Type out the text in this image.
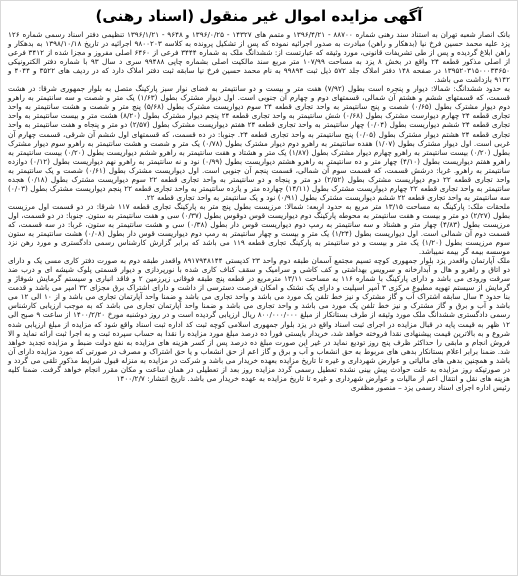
آگهی مزایده اموال غیر منقول (اسناد رهنی)

بانک انصار شعبه تهران به استناد سند رهنی شماره ۸۸۷۰۰ - ۱۳۹۶/۴/۲۱ و متمم های ۱۴۳۲۷ - ۱۳۹۶/۰/۲۵ و ۹۶۴۸ - ۱۳۹۶/۱/۲۱ تنظیمی دفتر اسناد رسمی شماره ۱۲۶ یزد علیه محمد حسین فرخ نیا (بدهکار و راهن) مبادرت به صدور اجرائیه نموده که پس از تشکیل پرونده به کلاسه ۹۸۰۰۲۰۳ اجرائیه در تاریخ ۱۳۹۸/۱۰/۱۸ به بدهکار و راهن ابلاغ گردیده و پس از طی تشریفات قانونی، مورد وثیقه که عبارتست از: ششدانگ ملک به شماره ۳۴۴۴ فرعی از ۶۴۶۰ اصلی مفروز و مجزا شده از ۳۴۱۲ فرعی از اصلی مذکور قطعه ۲۴ واقع در بخش ۸ یزد به مساحت ۱۰۷/۹۹ متر مربع سند مالکیت اصلی بشماره چاپی ۹۹۴۸۸ سری د سال ۹۳ با شماره دفتر الکترونیکی ۱۳۹۵۲۰۳۱۵۰۰۰۳۳۶۵۰ در صفحه ۱۴۸ دفتر املاک جلد ۵۷۲ ذیل ثبت ۹۹۸۹۴ به نام محمد حسین فرخ نیا سابقه ثبت دفتر املاک دارد که در ردیف های ۳۵۲۲ و ۴۰۴۴ و ۹۱۴۲ بازداشت می باشد.

به حدود ششدانگ: شمالا: دیوار و پنجره است بطول (۷/۹۲) هفت متر و بیست و دو سانتیمتر به فضای نوار سبز پارکینگ متصل به بلوار جمهوری شرقا: در هشت قسمت، که قسمتهای ششم و هشتم آن شمالی، قسمتهای دوم و چهارم آن جنوبی است. اول دیوار مشترک بطول (۱/۶۳) یک متر و شصت و سه سانتیمتر به راهرو دوم دیوار مشترک بطول (۰/۶۵) شصت و پنج سانتیمتر به واحد تجاری قطعه ۲۴ سوم دیواریست مشترک بطول (۵/۶۸) پنج متر و شصت و هشت سانتیمتر به واحد تجاری قطعه ۲۴ چهارم دیوارست مشترک بطول (۰/۶۸) شش سانتیمتر به واحد تجاری قطعه ۲۴ پنجم دیوار مشترک بطول (۸/۲۰) هشت متر و بیست سانتیمتر به واحد تجاری قطعه ۲۴ ششم دیواریست بطول (۰/۰۴) چهار سانتیمتر به واحد تجاری قطعه ۲۴ هفتم دیواریست مشترک بطول (۲/۵۷) دو متر و پنجاه و هفت سانتیمتر به واحد تجاری قطعه ۲۴ هشتم دیوار مشترک بطول (۰/۰۵) پنج سانتیمتر به واحد تجاری قطعه ۲۴. جنوبا: در ده قسمت، که قسمتهای اول ششم آن شرقی، قسمت چهارم آن غربی است. اول دیوار مشترک بطول (۱/۰۷) هفده سانتیمتر به راهرو دوم دیوار مشترک بطول (۰/۷۸) یک متر و شصت و هشت سانتیمتر به راهرو سوم دیوار مشترک بطول (۰/۲۰) بیست سانتیمتر به راهرو چهارم دیوار مشترک بطول (۱/۸۷) یک متر و هشتاد و هفت سانتیمتر به راهرو ششم دیواریست بطول (۰/۲۰) بیست سانتیمتر به راهرو هفتم دیواریست بطول (۴/۱۰) چهار متر و ده سانتیمتر به راهرو هشتم دیواریست بطول (۰/۹۹) نود و نه سانتیمتر به راهرو نهم دیواریست بطول (۰/۱۲) دوازده سانتیمتر به راهرو. غربا: درشش قسمت، که قسمت سوم آن شمالی، قسمت پنجم آن جنوبی است. اول دیواریست مشترک بطول (۰/۶۱) شصت و یک سانتیمتر به واحد تجاری قطعه ۲۲ دوم دیواریست مشترک بطول (۲/۵۲) دو متر و پنجاه و دو سانتیمتر به واحد تجاری قطعه ۲۲ سوم دیواریست مشترک بطول (۰/۱۸) هجده سانتیمتر به واحد تجاری قطعه ۲۲ چهارم دیواریست مشترک بطول (۱۴/۱۱) چهارده متر و یازده سانتیمتر به واحد تجاری قطعه ۲۲ پنجم دیواریست مشترک بطول (۰/۰۳) سه سانتیمتر به واحد تجاری قطعه ۲۲ ششم دیواریست مشترک بطول (۰/۹۱) نود و یک سانتیمتر به واحد تجاری قطعه ۲۲.

ملحقات ملک: پارکینگ به مساحت ۱۳/۱۵ متر مربع به حدود اربعه: شمالا: مرزیست بطول پنج متر به پارکینگ تجاری قطعه ۱۱۷ شرقا: در دو قسمت اول مرزیست بطول (۲/۲۷) دو متر و بیست و هفت سانتیمتر به محوطه پارکینگ دوم دیواریست قوس دوقوس بطول (۰/۳۷) سی و هفت سانتیمتر به ستون. جنوبا: در دو قسمت، اول مرزیست بطول (۴/۸۳) چهار متر و هشتاد و سه سانتیمتر به رمپ دوم دیواریست قوس دار بطول (۰/۳۸) سی و هشت سانتیمتر به ستون، غربا: در سه قسمت، که قسمت دوم آن شمالی است. اول دیواریست بطول (۱/۲۴) یک متر و بیست و چهار سانتیمتر به رمپ دوم دیواریست قوس دار بطول (۰/۰۸) هشت سانتیمتر به ستون سوم مرزیست بطول (۱/۲۰) یک متر و بیست و دو سانتیمتر به پارکینگ تجاری قطعه ۱۱۹ می باشد که برابر گزارش کارشناس رسمی دادگستری و مورد رهن نزد موسسه بیمه گر بیمه نمیباشد.

ملک آپارتمان واقعدر یزد بلوار جمهوری کوچه تسیم مجتمع آسمان طبقه دوم واحد ۲۳ کدپستی ۸۹۱۷۹۴۸۱۴۴ واقعدر طبقه دوم به صورت دفتر کاری مسی یک و دارای دو اتاق و راهرو و هال و آبدارخانه و سرویس بهداشتی و کف کاشی و سرامیک و سقف کناف کاری شده با نورپردازی و دیوار قسمتی پلوک شیشه ای و درب ضد سرقت ورودی می باشد و دارای پارکینگ با شماره ۱۱۶ به مساحت ۱۳/۱۱ مترمربع در قطعه پنج طبقه فوقانی زیرزمین ۲ و فاقد انباری و سیستم گرمایش شوفاژ و گرمایش از سیستم تهویه مطبوع مرکزی ۳ آمپر اسپلیت و دارای یک نشتک و امکان فرصت دسترسی از داشت و دارای اشتراک برق مجزای ۳۲ امپر می باشد و قدمت بنا حدود ۳ سال سابقه اشتراک آب و گاز مشترک و نیز خط تلفن یک مورد می باشد و واحد تجاری می باشد و ضمنا واحد آپارتمان تجاری می باشد و از ۱۰ الی ۱۲ می باشد و آب و برق و گاز مشترک و نیز خط تلفن یک مورد می باشد و واحد تجاری می باشد و ضمنا واحد آپارتمان تجاری می باشد که به موجب ارزیابی کارشناس رسمی دادگستری ششدانگ ملک مورد وثیقه از طرف بستانکار از مبلغ ۸۰۰/۰۰۰/۰۰۰ ریال ارزیابی گردیده است و در روز دوشنبه مورخ ۱۴۰۰/۲/۲۰ از ساعت ۹ صبح الی ۱۲ ظهر به قیمت پایه در قبال مزایده در اجرای ثبت اسناد واقع در یزد بلوار جمهوری اسلامی کوچه ثبت کد اداره ثبت اسناد واقع شود که مزایده از مبلغ ارزیابی شده شروع و به بالاترین قیمت پیشنهادی نقدا فروخته خواهد شد، خریدار بایستی فورا ده درصد مبلغ مورد مزایده را نقدا به حساب سپرده ثبت و به اجرا ثبت ارائه نماید و الا فروش انجام و مابقی را حداکثر ظرف پنج روز تودیع نماید در غیر این صورت مبلغ ده درصد پس از کسر هزینه های مزایده به نفع دولت ضبط و مزایده تجدید خواهد شد. ضمنا برابر اعلام بستانکار بدهی های مربوط به حق انشعاب و آب و برق و گاز اعم از حق انشعاب و یا حق اشتراک و مصرف در صورتی که مورد مزایده دارای آن باشد و همچنین بدهی های مالیاتی و عوارض شهرداری و غیره تا تاریخ مزایده بعهده خریدار می باشد و شرکت در مزایده به منزله قبول شرایط مذکور تلقی می گردد و در صورتیکه روز مزایده به علت حوادث پیش بینی نشده تعطیل رسمی گردد مزایده روز بعد از تعطیلی در همان ساعت و مکان مقرر انجام خواهد گرفت. ضمنا کلیه هزینه های نقل و انتقال اعم از مالیات و عوارض شهرداری و غیره تا تاریخ مزایده به عهده خریدار می باشد. تاریخ انتشار: ۱۴۰۰/۲/۷

رئیس اداره اجرای اسناد رسمی یزد – منصور مظفری
